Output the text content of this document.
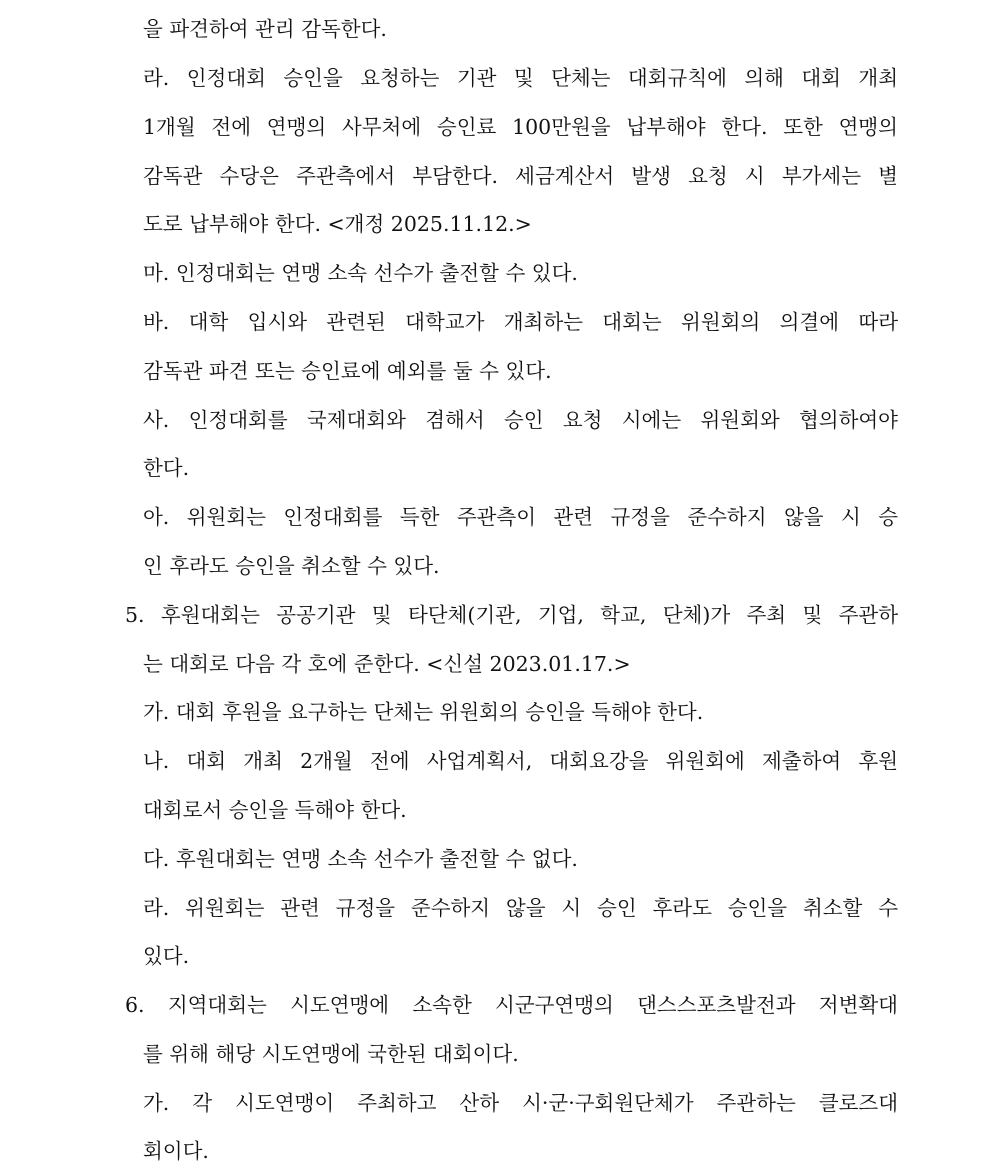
을 파견하여 관리 감독한다.
라. 인정대회 승인을 요청하는 기관 및 단체는 대회규칙에 의해 대회 개최
1개월 전에 연맹의 사무처에 승인료 100만원을 납부해야 한다. 또한 연맹의
감독관 수당은 주관측에서 부담한다. 세금계산서 발생 요청 시 부가세는 별
도로 납부해야 한다. <개정 2025.11.12.>
마. 인정대회는 연맹 소속 선수가 출전할 수 있다.
바. 대학 입시와 관련된 대학교가 개최하는 대회는 위원회의 의결에 따라
감독관 파견 또는 승인료에 예외를 둘 수 있다.
사. 인정대회를 국제대회와 겸해서 승인 요청 시에는 위원회와 협의하여야
한다.
아. 위원회는 인정대회를 득한 주관측이 관련 규정을 준수하지 않을 시 승
인 후라도 승인을 취소할 수 있다.
5. 후원대회는 공공기관 및 타단체(기관, 기업, 학교, 단체)가 주최 및 주관하
는 대회로 다음 각 호에 준한다. <신설 2023.01.17.>
가. 대회 후원을 요구하는 단체는 위원회의 승인을 득해야 한다.
나. 대회 개최 2개월 전에 사업계획서, 대회요강을 위원회에 제출하여 후원
대회로서 승인을 득해야 한다.
다. 후원대회는 연맹 소속 선수가 출전할 수 없다.
라. 위원회는 관련 규정을 준수하지 않을 시 승인 후라도 승인을 취소할 수
있다.
6. 지역대회는 시도연맹에 소속한 시군구연맹의 댄스스포츠발전과 저변확대
를 위해 해당 시도연맹에 국한된 대회이다.
가. 각 시도연맹이 주최하고 산하 시·군·구회원단체가 주관하는 클로즈대
회이다.
